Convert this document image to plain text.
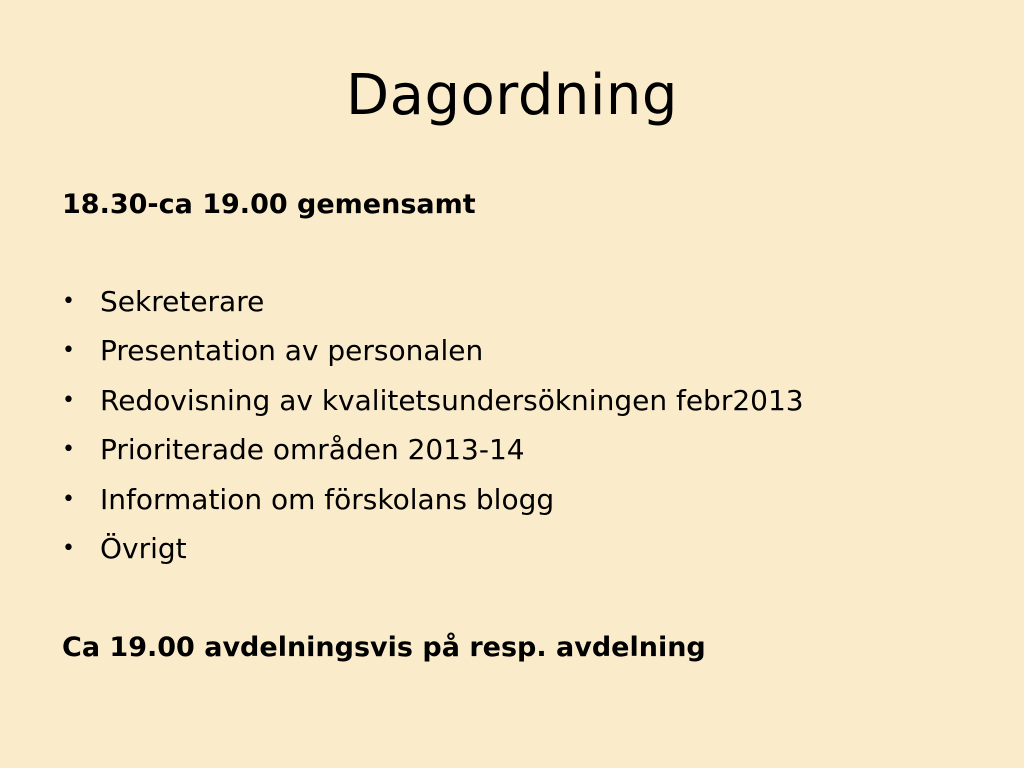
Dagordning

18.30-ca 19.00 gemensamt

• Sekreterare
• Presentation av personalen
• Redovisning av kvalitetsundersökningen febr2013
• Prioriterade områden 2013-14
• Information om förskolans blogg
• Övrigt

Ca 19.00 avdelningsvis på resp. avdelning
